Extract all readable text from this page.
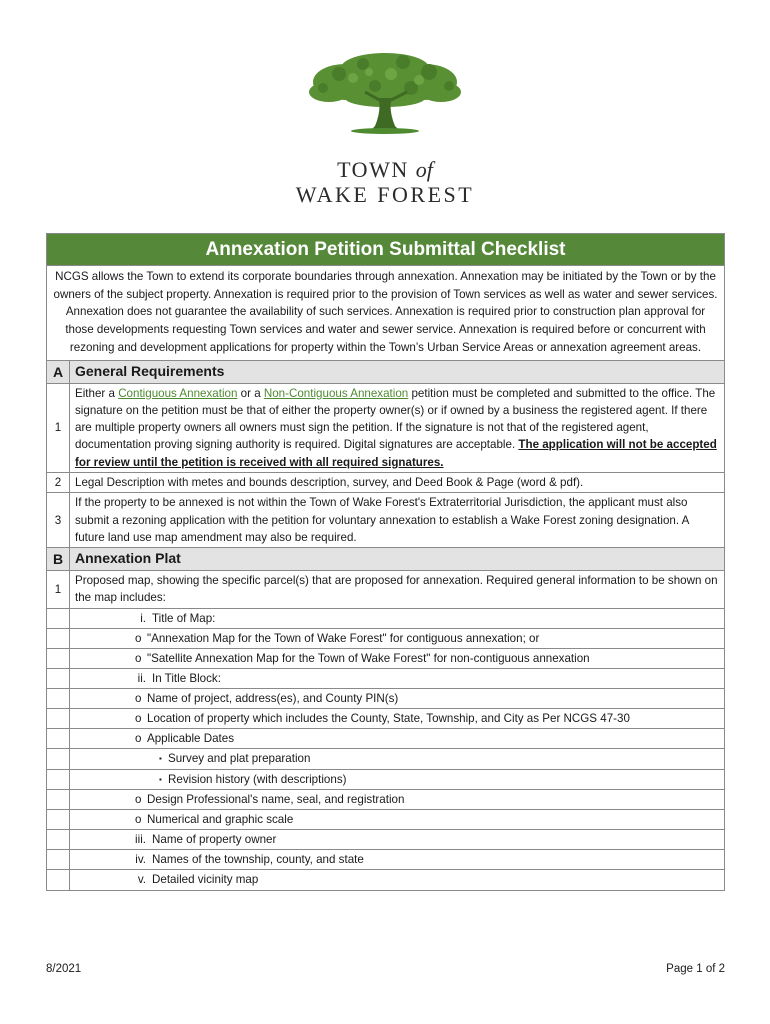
TOWN of
WAKE FOREST
Annexation Petition Submittal Checklist
NCGS allows the Town to extend its corporate boundaries through annexation. Annexation may be initiated by the Town or by the owners of the subject property. Annexation is required prior to the provision of Town services as well as water and sewer services. Annexation does not guarantee the availability of such services. Annexation is required prior to construction plan approval for those developments requesting Town services and water and sewer service. Annexation is required before or concurrent with rezoning and development applications for property within the Town’s Urban Service Areas or annexation agreement areas.
A General Requirements
1
Either a Contiguous Annexation or a Non-Contiguous Annexation petition must be completed and submitted to the office. The signature on the petition must be that of either the property owner(s) or if owned by a business the registered agent. If there are multiple property owners all owners must sign the petition. If the signature is not that of the registered agent, documentation proving signing authority is required. Digital signatures are acceptable. The application will not be accepted for review until the petition is received with all required signatures.
2	Legal Description with metes and bounds description, survey, and Deed Book & Page (word & pdf).
3
If the property to be annexed is not within the Town of Wake Forest's Extraterritorial Jurisdiction, the applicant must also submit a rezoning application with the petition for voluntary annexation to establish a Wake Forest zoning designation. A future land use map amendment may also be required.
B Annexation Plat
1
Proposed map, showing the specific parcel(s) that are proposed for annexation. Required general information to be shown on the map includes:
i. Title of Map:
o "Annexation Map for the Town of Wake Forest" for contiguous annexation; or
o "Satellite Annexation Map for the Town of Wake Forest" for non-contiguous annexation
ii. In Title Block:
o Name of project, address(es), and County PIN(s)
o Location of property which includes the County, State, Township, and City as Per NCGS 47-30
o Applicable Dates
▪ Survey and plat preparation
▪ Revision history (with descriptions)
o Design Professional's name, seal, and registration
o Numerical and graphic scale
iii. Name of property owner
iv. Names of the township, county, and state
v. Detailed vicinity map
8/2021	Page 1 of 2
